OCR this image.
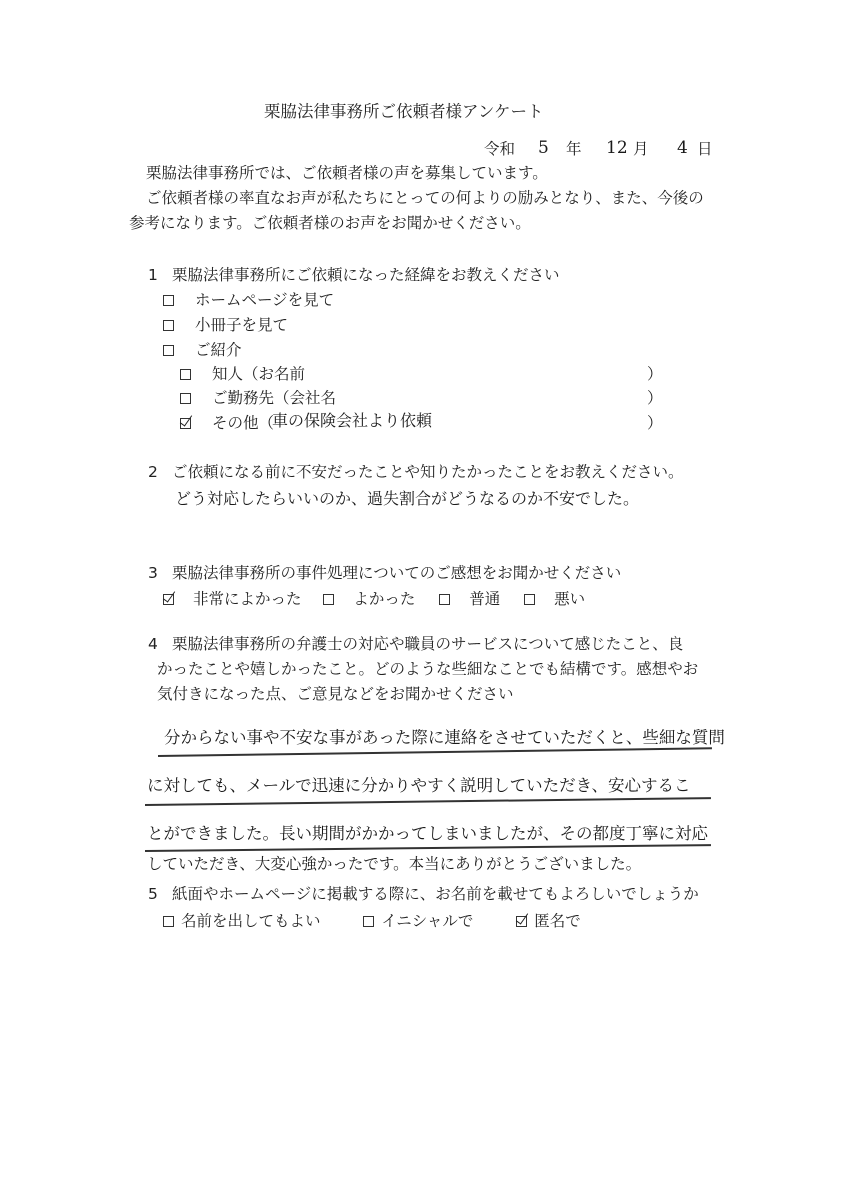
栗脇法律事務所ご依頼者様アンケート
令和 5 年 12 月 4 日
栗脇法律事務所では、ご依頼者様の声を募集しています。
ご依頼者様の率直なお声が私たちにとっての何よりの励みとなり、また、今後の
参考になります。ご依頼者様のお声をお聞かせください。
1 栗脇法律事務所にご依頼になった経緯をお教えください
ホームページを見て
小冊子を見て
ご紹介
知人（お名前	）
ご勤務先（会社名	）
その他（
車の保険会社より依頼	）
2 ご依頼になる前に不安だったことや知りたかったことをお教えください。
どう対応したらいいのか、過失割合がどうなるのか不安でした。
3 栗脇法律事務所の事件処理についてのご感想をお聞かせください
非常によかった	よかった	普通	悪い
4 栗脇法律事務所の弁護士の対応や職員のサービスについて感じたこと、良
かったことや嬉しかったこと。どのような些細なことでも結構です。感想やお
気付きになった点、ご意見などをお聞かせください
分からない事や不安な事があった際に連絡をさせていただくと、些細な質問
に対しても、メールで迅速に分かりやすく説明していただき、安心するこ
とができました。長い期間がかかってしまいましたが、その都度丁寧に対応
していただき、大変心強かったです。本当にありがとうございました。
5 紙面やホームページに掲載する際に、お名前を載せてもよろしいでしょうか
名前を出してもよい	イニシャルで	匿名で
